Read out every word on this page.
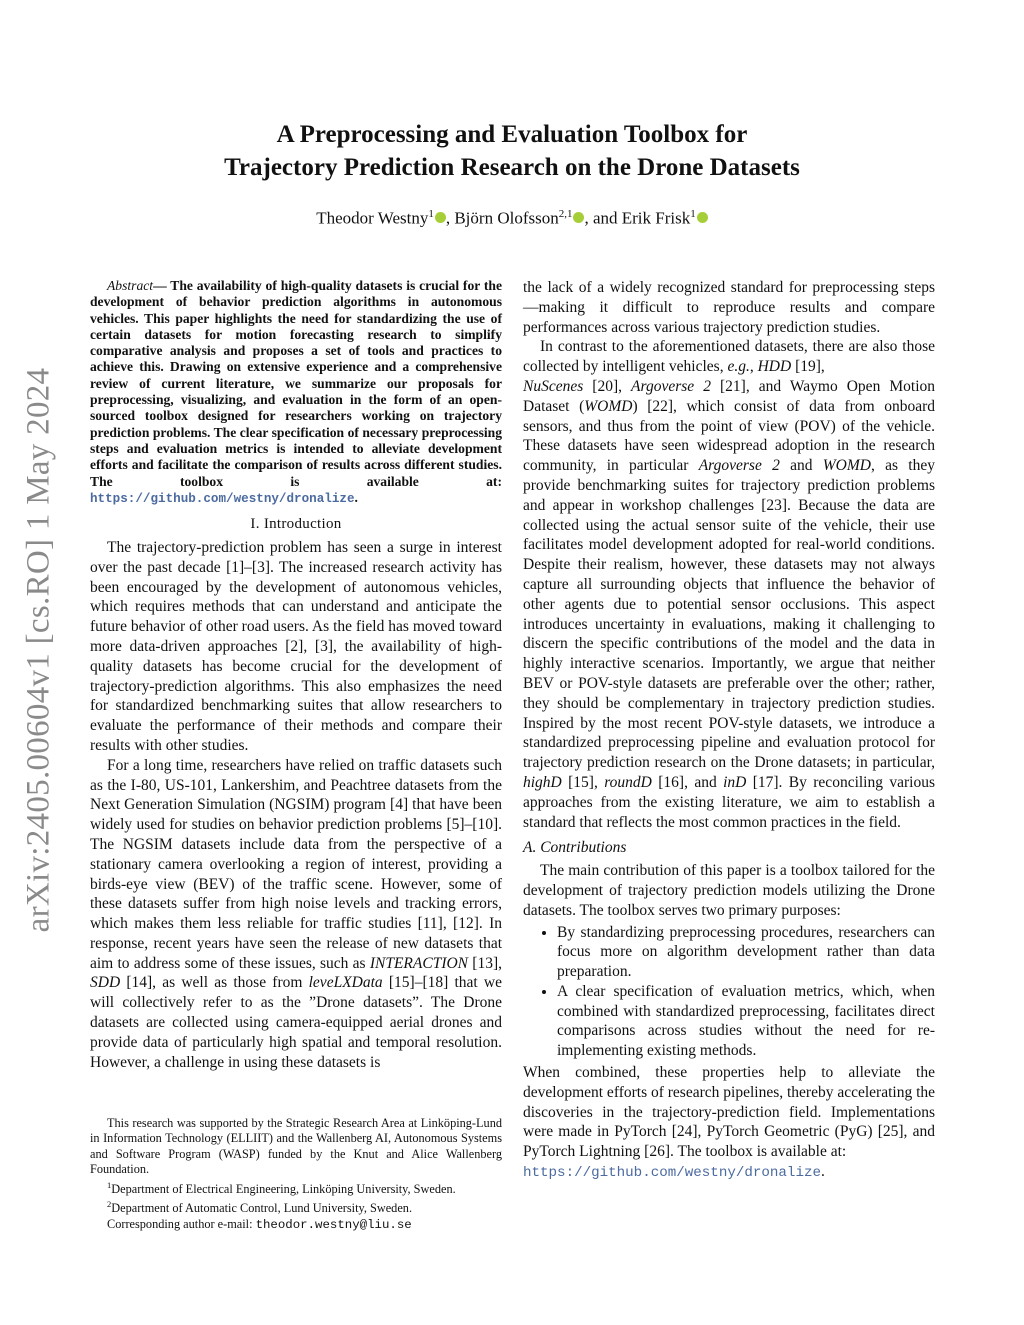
arXiv:2405.00604v1 [cs.RO] 1 May 2024
A Preprocessing and Evaluation Toolbox for
Trajectory Prediction Research on the Drone Datasets
Theodor Westny$^1$ , Björn Olofsson$^{2,1}$ , and Erik Frisk$^1$

Abstract— The availability of high-quality datasets is crucial for the development of behavior prediction algorithms in autonomous vehicles. This paper highlights the need for standardizing the use of certain datasets for motion forecasting research to simplify comparative analysis and proposes a set of tools and practices to achieve this. Drawing on extensive experience and a comprehensive review of current literature, we summarize our proposals for preprocessing, visualizing, and evaluation in the form of an open-sourced toolbox designed for researchers working on trajectory prediction problems. The clear specification of necessary preprocessing steps and evaluation metrics is intended to alleviate development efforts and facilitate the comparison of results across different studies. The toolbox is available at: https://github.com/westny/dronalize.

I. Introduction

The trajectory-prediction problem has seen a surge in interest over the past decade [1]–[3]. The increased research activity has been encouraged by the development of autonomous vehicles, which requires methods that can understand and anticipate the future behavior of other road users. As the field has moved toward more data-driven approaches [2], [3], the availability of high-quality datasets has become crucial for the development of trajectory-prediction algorithms. This also emphasizes the need for standardized benchmarking suites that allow researchers to evaluate the performance of their methods and compare their results with other studies.

For a long time, researchers have relied on traffic datasets such as the I-80, US-101, Lankershim, and Peachtree datasets from the Next Generation Simulation (NGSIM) program [4] that have been widely used for studies on behavior prediction problems [5]–[10]. The NGSIM datasets include data from the perspective of a stationary camera overlooking a region of interest, providing a birds-eye view (BEV) of the traffic scene. However, some of these datasets suffer from high noise levels and tracking errors, which makes them less reliable for traffic studies [11], [12]. In response, recent years have seen the release of new datasets that aim to address some of these issues, such as INTERACTION [13], SDD [14], as well as those from leveLXData [15]–[18] that we will collectively refer to as the ”Drone datasets”. The Drone datasets are collected using camera-equipped aerial drones and provide data of particularly high spatial and temporal resolution. However, a challenge in using these datasets is

This research was supported by the Strategic Research Area at Linköping-Lund in Information Technology (ELLIIT) and the Wallenberg AI, Autonomous Systems and Software Program (WASP) funded by the Knut and Alice Wallenberg Foundation.

$^1$Department of Electrical Engineering, Linköping University, Sweden.

$^2$Department of Automatic Control, Lund University, Sweden.

Corresponding author e-mail: theodor.westny@liu.se

the lack of a widely recognized standard for preprocessing steps—making it difficult to reproduce results and compare performances across various trajectory prediction studies.

In contrast to the aforementioned datasets, there are also those collected by intelligent vehicles, e.g., HDD [19],
NuScenes [20], Argoverse 2 [21], and Waymo Open Motion Dataset (WOMD) [22], which consist of data from onboard sensors, and thus from the point of view (POV) of the vehicle. These datasets have seen widespread adoption in the research community, in particular Argoverse 2 and WOMD, as they provide benchmarking suites for trajectory prediction problems and appear in workshop challenges [23]. Because the data are collected using the actual sensor suite of the vehicle, their use facilitates model development adopted for real-world conditions. Despite their realism, however, these datasets may not always capture all surrounding objects that influence the behavior of other agents due to potential sensor occlusions. This aspect introduces uncertainty in evaluations, making it challenging to discern the specific contributions of the model and the data in highly interactive scenarios. Importantly, we argue that neither BEV or POV-style datasets are preferable over the other; rather, they should be complementary in trajectory prediction studies. Inspired by the most recent POV-style datasets, we introduce a standardized preprocessing pipeline and evaluation protocol for trajectory prediction research on the Drone datasets; in particular, highD [15], roundD [16], and inD [17]. By reconciling various approaches from the existing literature, we aim to establish a standard that reflects the most common practices in the field.

A. Contributions

The main contribution of this paper is a toolbox tailored for the development of trajectory prediction models utilizing the Drone datasets. The toolbox serves two primary purposes:

• By standardizing preprocessing procedures, researchers can focus more on algorithm development rather than data preparation.
• A clear specification of evaluation metrics, which, when combined with standardized preprocessing, facilitates direct comparisons across studies without the need for re-implementing existing methods.

When combined, these properties help to alleviate the development efforts of research pipelines, thereby accelerating the discoveries in the trajectory-prediction field. Implementations were made in PyTorch [24], PyTorch Geometric (PyG) [25], and PyTorch Lightning [26]. The toolbox is available at:
https://github.com/westny/dronalize.
